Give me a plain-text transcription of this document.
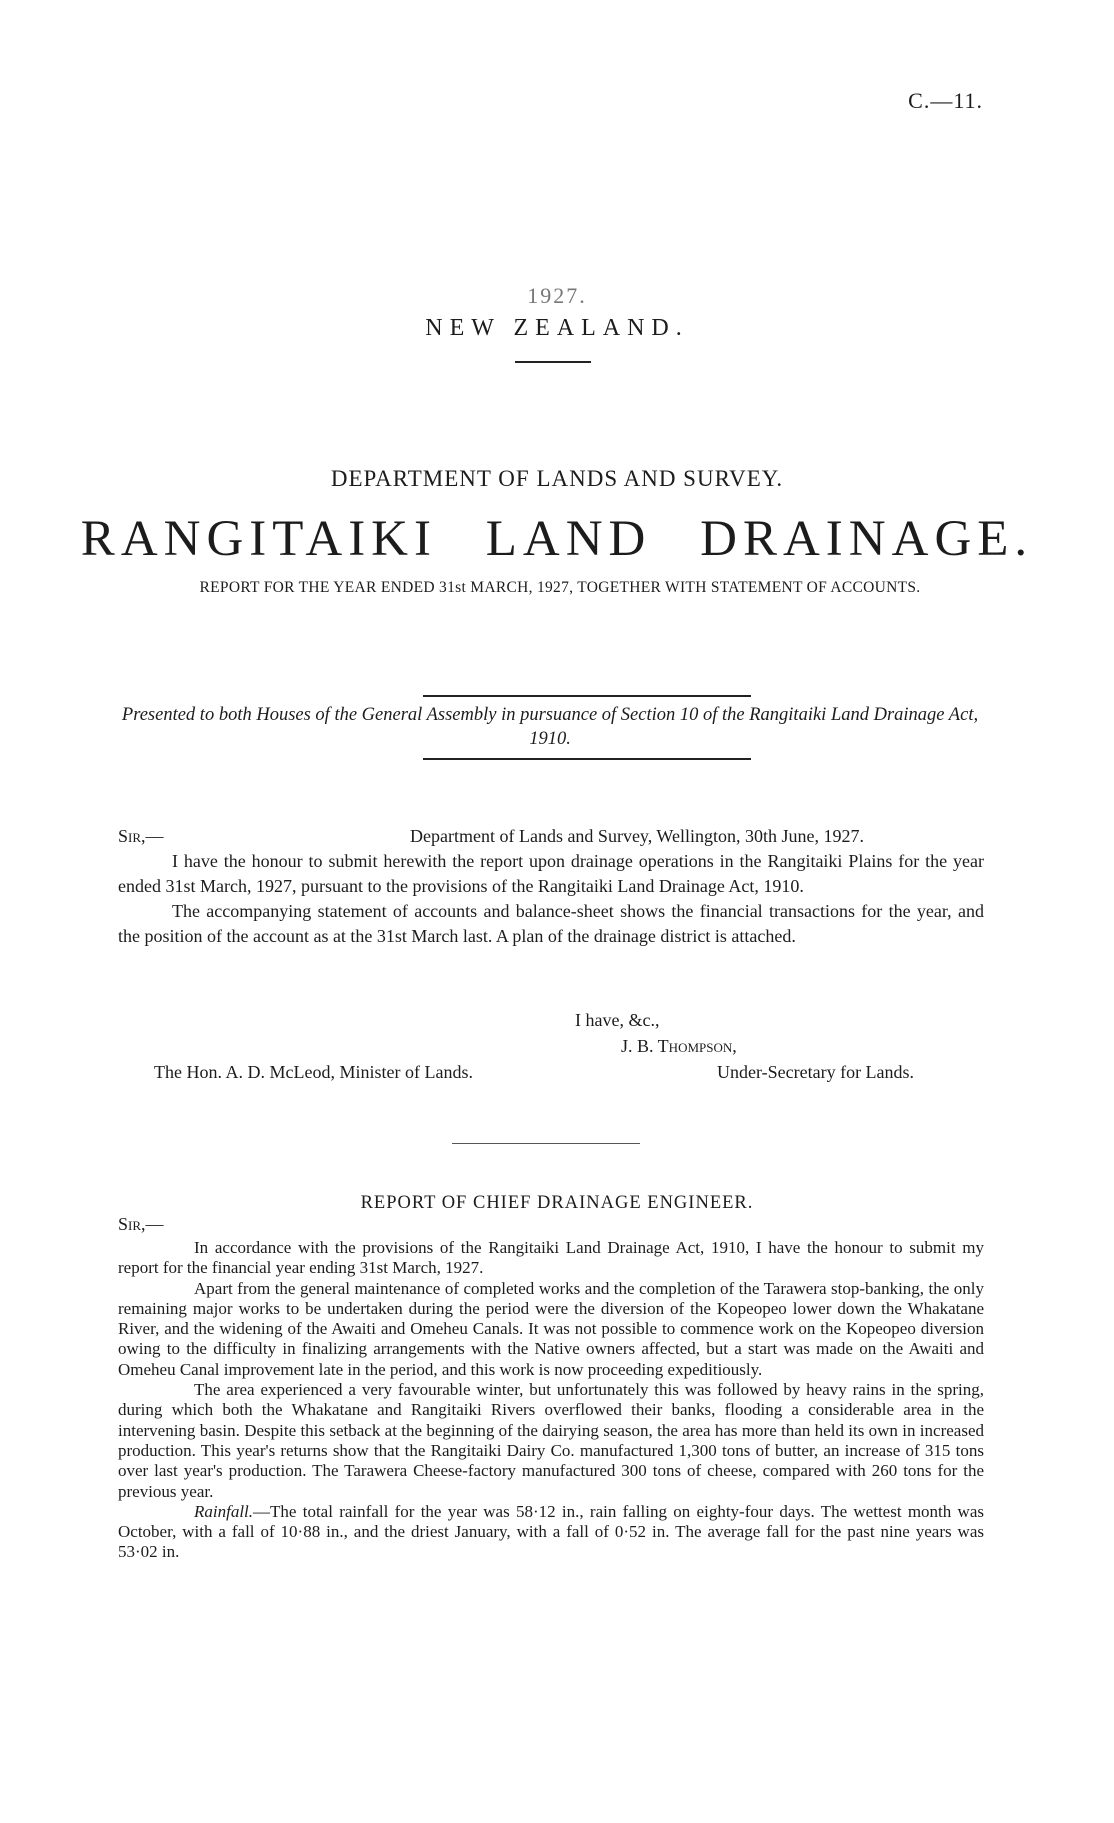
C.—11.
1927.
NEW ZEALAND.
DEPARTMENT OF LANDS AND SURVEY.
RANGITAIKI LAND DRAINAGE.
REPORT FOR THE YEAR ENDED 31st MARCH, 1927, TOGETHER WITH STATEMENT OF ACCOUNTS.
Presented to both Houses of the General Assembly in pursuance of Section 10 of the Rangitaiki Land Drainage Act, 1910.
Sir,—	Department of Lands and Survey, Wellington, 30th June, 1927.

I have the honour to submit herewith the report upon drainage operations in the Rangitaiki Plains for the year ended 31st March, 1927, pursuant to the provisions of the Rangitaiki Land Drainage Act, 1910.

The accompanying statement of accounts and balance-sheet shows the financial transactions for the year, and the position of the account as at the 31st March last. A plan of the drainage district is attached.

I have, &c.,
J. B. Thompson,
The Hon. A. D. McLeod, Minister of Lands.	Under-Secretary for Lands.
REPORT OF CHIEF DRAINAGE ENGINEER.
Sir,—

In accordance with the provisions of the Rangitaiki Land Drainage Act, 1910, I have the honour to submit my report for the financial year ending 31st March, 1927.

Apart from the general maintenance of completed works and the completion of the Tarawera stop-banking, the only remaining major works to be undertaken during the period were the diversion of the Kopeopeo lower down the Whakatane River, and the widening of the Awaiti and Omeheu Canals. It was not possible to commence work on the Kopeopeo diversion owing to the difficulty in finalizing arrangements with the Native owners affected, but a start was made on the Awaiti and Omeheu Canal improvement late in the period, and this work is now proceeding expeditiously.

The area experienced a very favourable winter, but unfortunately this was followed by heavy rains in the spring, during which both the Whakatane and Rangitaiki Rivers overflowed their banks, flooding a considerable area in the intervening basin. Despite this setback at the beginning of the dairying season, the area has more than held its own in increased production. This year's returns show that the Rangitaiki Dairy Co. manufactured 1,300 tons of butter, an increase of 315 tons over last year's production. The Tarawera Cheese-factory manufactured 300 tons of cheese, compared with 260 tons for the previous year.

Rainfall.—The total rainfall for the year was 58·12 in., rain falling on eighty-four days. The wettest month was October, with a fall of 10·88 in., and the driest January, with a fall of 0·52 in. The average fall for the past nine years was 53·02 in.
